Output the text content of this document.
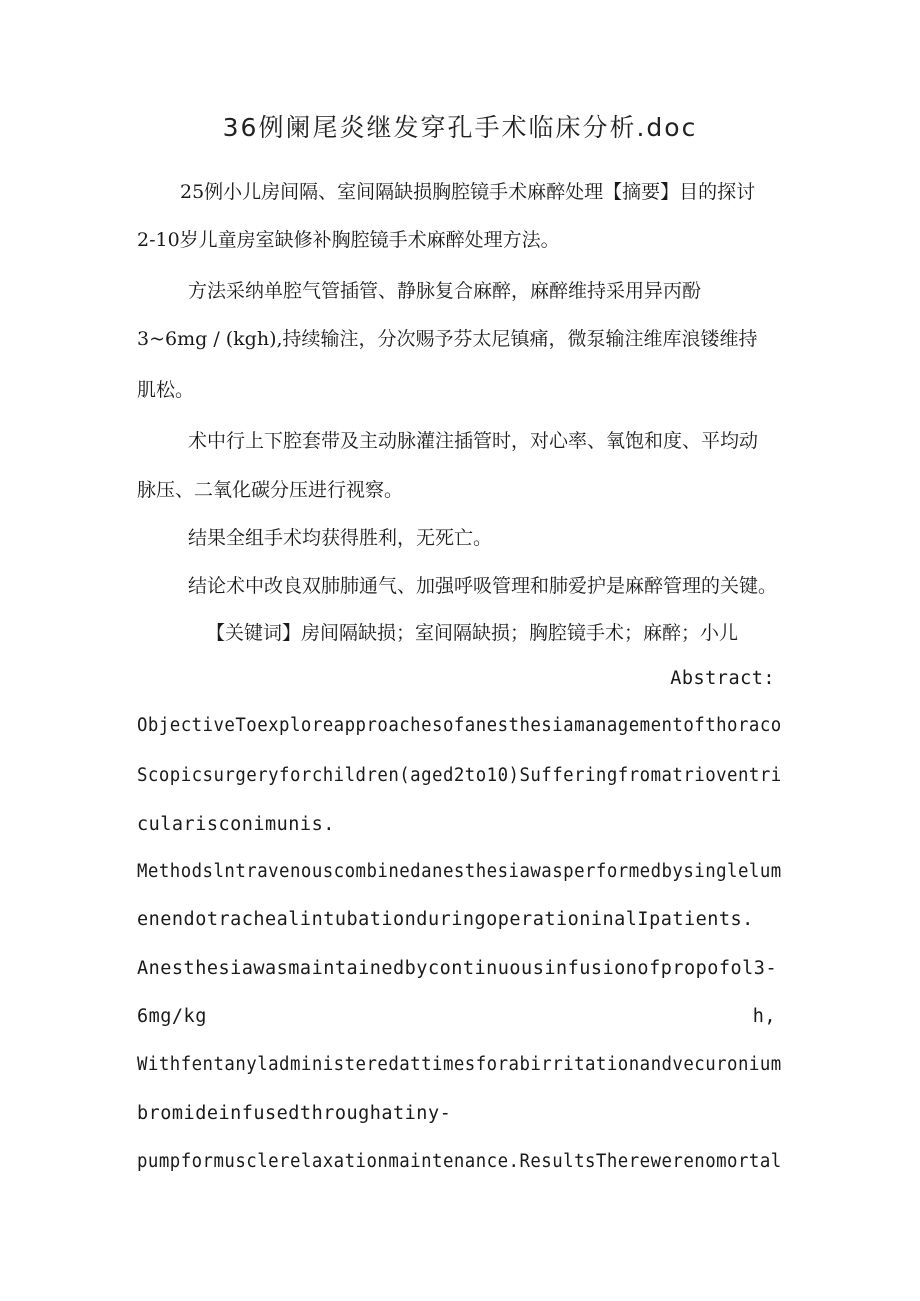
36例阑尾炎继发穿孔手术临床分析.doc
25例小儿房间隔、室间隔缺损胸腔镜手术麻醉处理【摘要】目的探讨
2-10岁儿童房室缺修补胸腔镜手术麻醉处理方法。
方法采纳单腔气管插管、静脉复合麻醉，麻醉维持采用异丙酚
3~6mg / (kgh),持续输注，分次赐予芬太尼镇痛，微泵输注维库浪镂维持
肌松。
术中行上下腔套带及主动脉灌注插管时，对心率、氧饱和度、平均动
脉压、二氧化碳分压进行视察。
结果全组手术均获得胜利，无死亡。
结论术中改良双肺肺通气、加强呼吸管理和肺爱护是麻醉管理的关键。
【关键词】房间隔缺损；室间隔缺损；胸腔镜手术；麻醉；小儿
Abstract:
ObjectiveToexploreapproachesofanesthesiamanagementofthoraco
Scopicsurgeryforchildren(aged2to10)Sufferingfromatrioventri
cularisconimunis.
Methodslntravenouscombinedanesthesiawasperformedbysinglelum
enendotrachealintubationduringoperationinalIpatients.
Anesthesiawasmaintainedbycontinuousinfusionofpropofol3-
6mg/kg	h,
Withfentanyladministeredattimesforabirritationandvecuronium
bromideinfusedthroughatiny-
pumpformusclerelaxationmaintenance.ResultsTherewerenomortal
